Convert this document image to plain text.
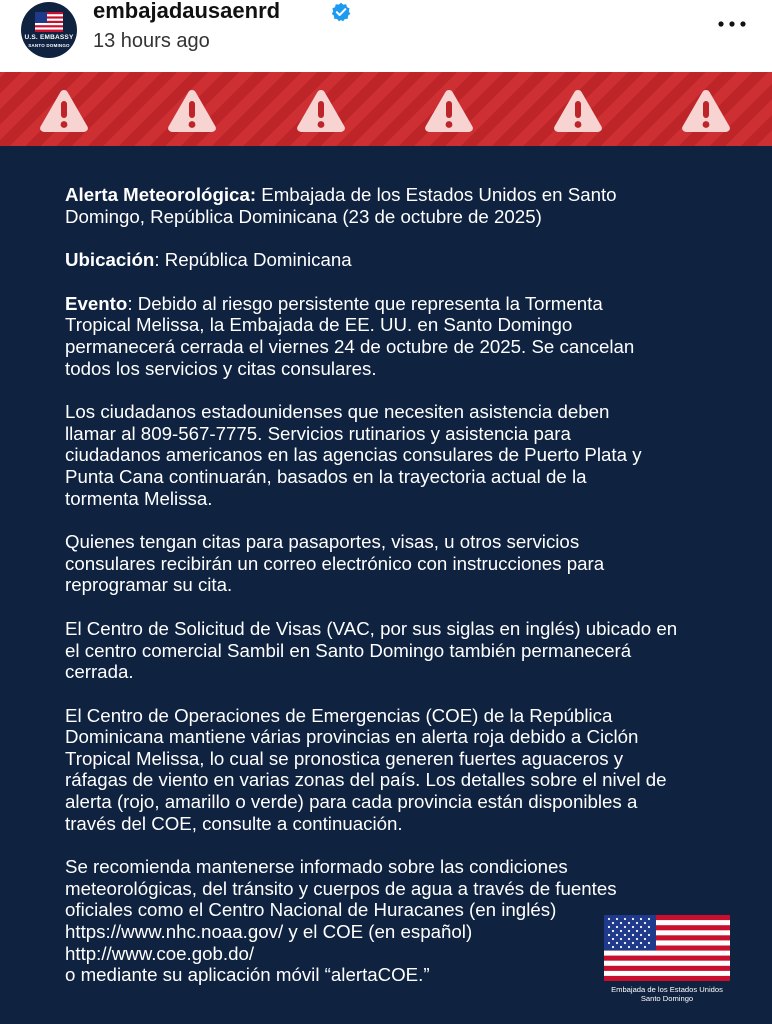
U.S. EMBASSY
SANTO DOMINGO
embajadausaenrd
13 hours ago

Alerta Meteorológica: Embajada de los Estados Unidos en Santo
Domingo, República Dominicana (23 de octubre de 2025)

Ubicación: República Dominicana

Evento: Debido al riesgo persistente que representa la Tormenta
Tropical Melissa, la Embajada de EE. UU. en Santo Domingo
permanecerá cerrada el viernes 24 de octubre de 2025. Se cancelan
todos los servicios y citas consulares.

Los ciudadanos estadounidenses que necesiten asistencia deben
llamar al 809-567-7775. Servicios rutinarios y asistencia para
ciudadanos americanos en las agencias consulares de Puerto Plata y
Punta Cana continuarán, basados en la trayectoria actual de la
tormenta Melissa.

Quienes tengan citas para pasaportes, visas, u otros servicios
consulares recibirán un correo electrónico con instrucciones para
reprogramar su cita.

El Centro de Solicitud de Visas (VAC, por sus siglas en inglés) ubicado en
el centro comercial Sambil en Santo Domingo también permanecerá
cerrada.

El Centro de Operaciones de Emergencias (COE) de la República
Dominicana mantiene várias provincias en alerta roja debido a Ciclón
Tropical Melissa, lo cual se pronostica generen fuertes aguaceros y
ráfagas de viento en varias zonas del país. Los detalles sobre el nivel de
alerta (rojo, amarillo o verde) para cada provincia están disponibles a
través del COE, consulte a continuación.

Se recomienda mantenerse informado sobre las condiciones
meteorológicas, del tránsito y cuerpos de agua a través de fuentes
oficiales como el Centro Nacional de Huracanes (en inglés)
https://www.nhc.noaa.gov/ y el COE (en español)
http://www.coe.gob.do/
o mediante su aplicación móvil “alertaCOE.”

Embajada de los Estados Unidos
Santo Domingo
